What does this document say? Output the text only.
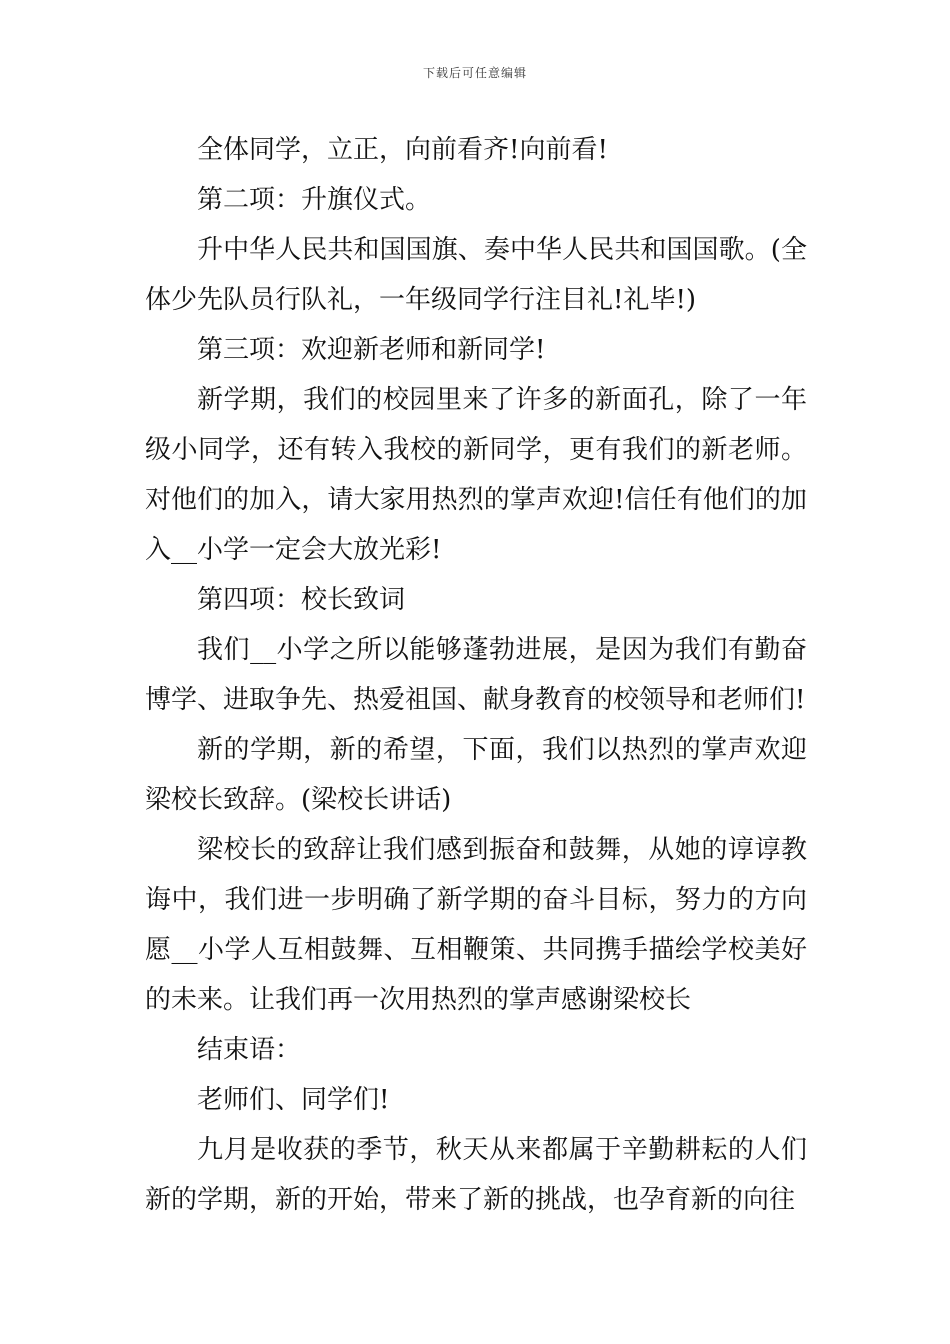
下载后可任意编辑

全体同学，立正，向前看齐!向前看!

第二项：升旗仪式。

升中华人民共和国国旗、奏中华人民共和国国歌。(全体少先队员行队礼，一年级同学行注目礼!礼毕!)

第三项：欢迎新老师和新同学!

新学期，我们的校园里来了许多的新面孔，除了一年级小同学，还有转入我校的新同学，更有我们的新老师。对他们的加入，请大家用热烈的掌声欢迎!信任有他们的加入__小学一定会大放光彩!

第四项：校长致词

我们__小学之所以能够蓬勃进展，是因为我们有勤奋博学、进取争先、热爱祖国、献身教育的校领导和老师们!

新的学期，新的希望，下面，我们以热烈的掌声欢迎梁校长致辞。(梁校长讲话)

梁校长的致辞让我们感到振奋和鼓舞，从她的谆谆教诲中，我们进一步明确了新学期的奋斗目标，努力的方向愿__小学人互相鼓舞、互相鞭策、共同携手描绘学校美好的未来。让我们再一次用热烈的掌声感谢梁校长

结束语：

老师们、同学们!

九月是收获的季节，秋天从来都属于辛勤耕耘的人们新的学期，新的开始，带来了新的挑战，也孕育新的向往
